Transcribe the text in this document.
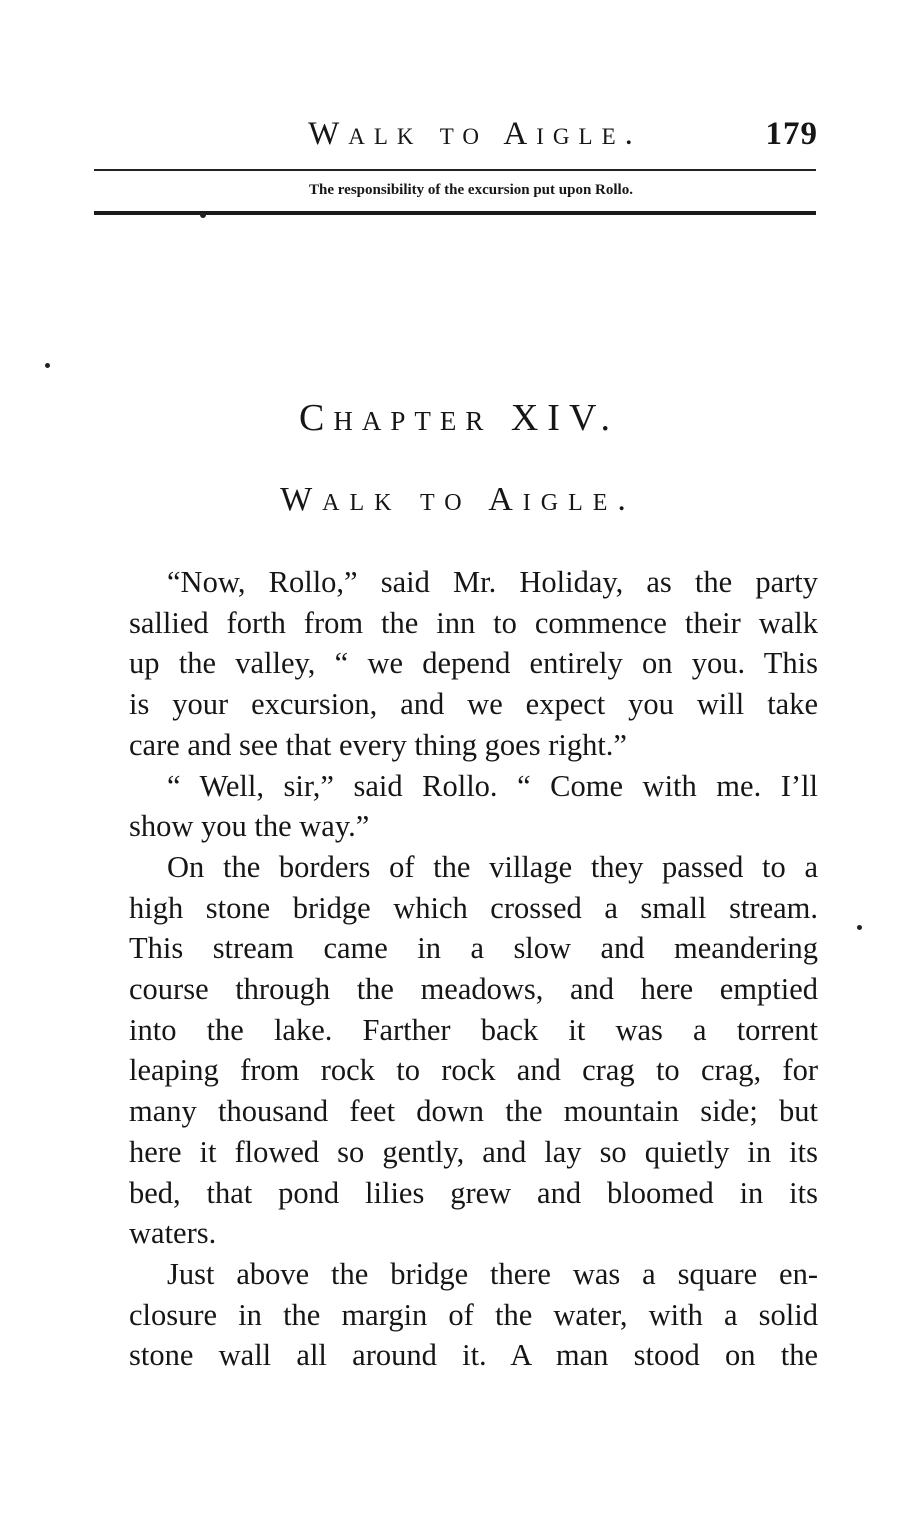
Walk to Aigle.	179
The responsibility of the excursion put upon Rollo.
Chapter XIV.
Walk to Aigle.

“Now, Rollo,” said Mr. Holiday, as the party
sallied forth from the inn to commence their walk
up the valley, “ we depend entirely on you. This
is your excursion, and we expect you will take
care and see that every thing goes right.”

“ Well, sir,” said Rollo. “ Come with me. I’ll
show you the way.”

On the borders of the village they passed to a
high stone bridge which crossed a small stream.
This stream came in a slow and meandering
course through the meadows, and here emptied
into the lake. Farther back it was a torrent
leaping from rock to rock and crag to crag, for
many thousand feet down the mountain side; but
here it flowed so gently, and lay so quietly in its
bed, that pond lilies grew and bloomed in its
waters.

Just above the bridge there was a square en-
closure in the margin of the water, with a solid
stone wall all around it. A man stood on the
